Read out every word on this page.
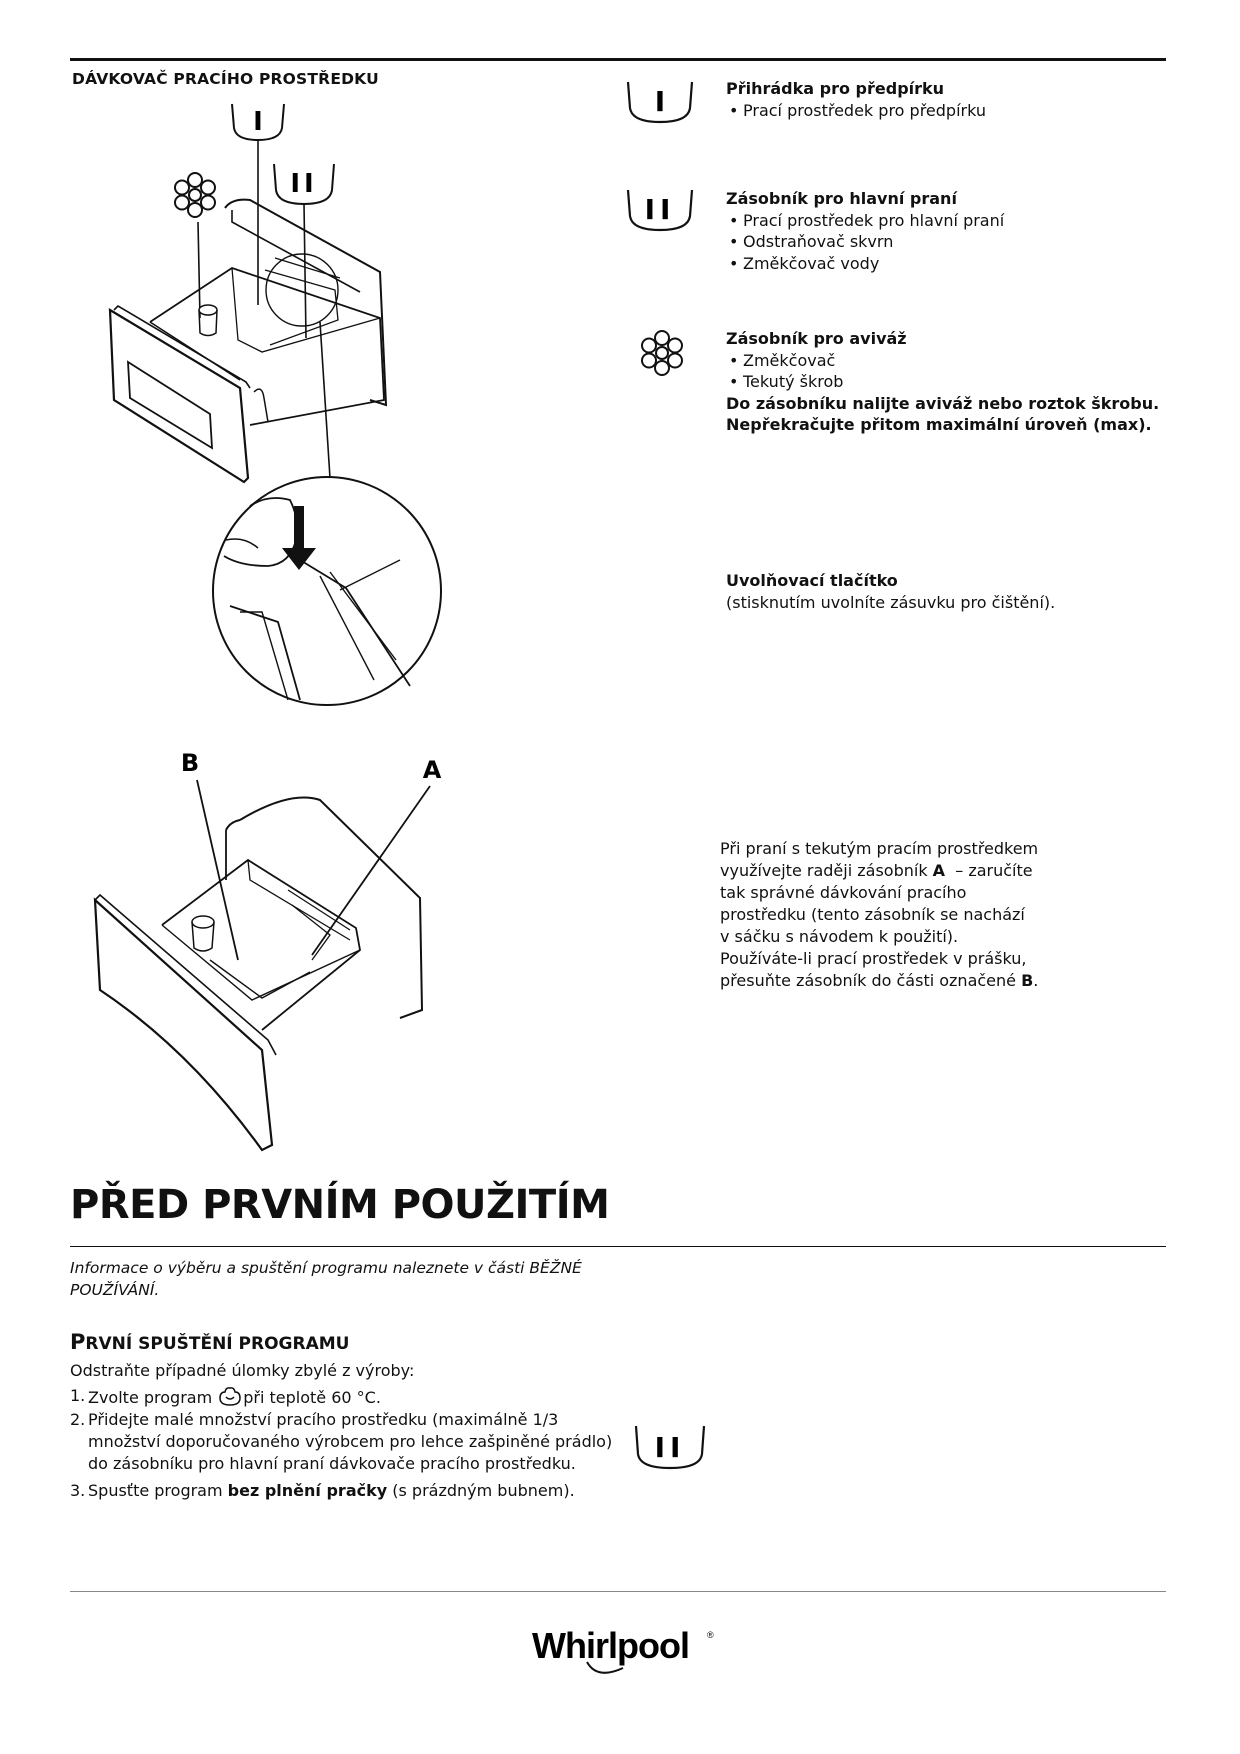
DÁVKOVAČ PRACÍHO PROSTŘEDKU
I
II
B	A
I
II
Přihrádka pro předpírku
• Prací prostředek pro předpírku
Zásobník pro hlavní praní
• Prací prostředek pro hlavní praní
• Odstraňovač skvrn
• Změkčovač vody
Zásobník pro aviváž
• Změkčovač
• Tekutý škrob
Do zásobníku nalijte aviváž nebo roztok škrobu.
Nepřekračujte přitom maximální úroveň (max).
Uvolňovací tlačítko
(stisknutím uvolníte zásuvku pro čištění).
Při praní s tekutým pracím prostředkem
využívejte raději zásobník A  – zaručíte
tak správné dávkování pracího
prostředku (tento zásobník se nachází
v sáčku s návodem k použití).
Používáte-li prací prostředek v prášku,
přesuňte zásobník do části označené B.
PŘED PRVNÍM POUŽITÍM
Informace o výběru a spuštění programu naleznete v části BĚŽNÉ
POUŽÍVÁNÍ.
PRVNÍ SPUŠTĚNÍ PROGRAMU
Odstraňte případné úlomky zbylé z výroby:
1. Zvolte program při teplotě 60 °C.
2. Přidejte malé množství pracího prostředku (maximálně 1/3
množství doporučovaného výrobcem pro lehce zašpiněné prádlo)
do zásobníku pro hlavní praní dávkovače pracího prostředku.
3. Spusťte program bez plnění pračky (s prázdným bubnem).
II
Whirlpool ®
